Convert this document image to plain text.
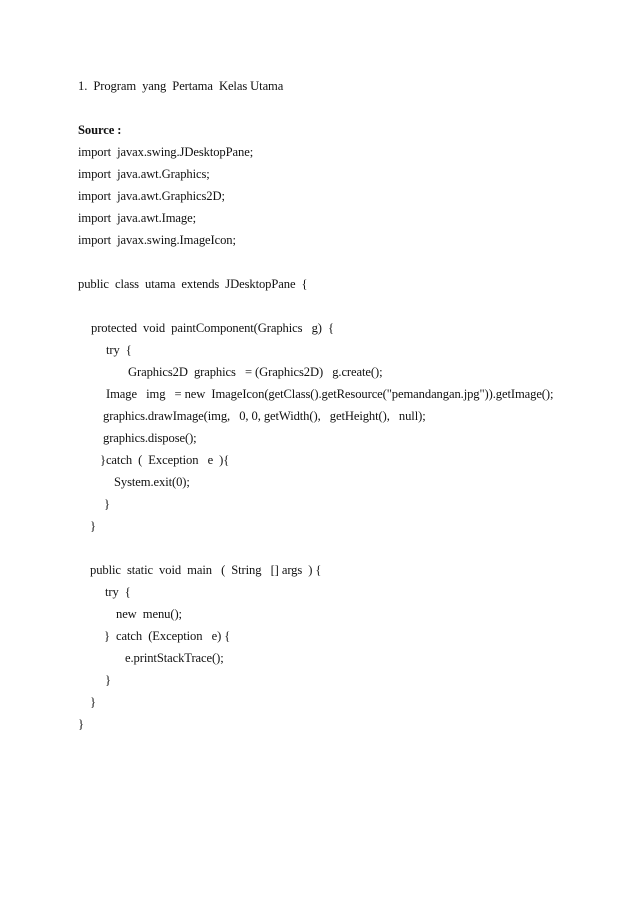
1.  Program  yang  Pertama  Kelas Utama
Source :
import  javax.swing.JDesktopPane;
import  java.awt.Graphics;
import  java.awt.Graphics2D;
import  java.awt.Image;
import  javax.swing.ImageIcon;
public  class  utama  extends  JDesktopPane  {
protected  void  paintComponent(Graphics   g)  {
try  {
Graphics2D  graphics   = (Graphics2D)   g.create();
Image   img   = new  ImageIcon(getClass().getResource("pemandangan.jpg")).getImage();
graphics.drawImage(img,   0, 0, getWidth(),   getHeight(),   null);
graphics.dispose();
}catch  (  Exception   e  ){
System.exit(0);
}
}
public  static  void  main   (  String   [] args  ) {
try  {
new  menu();
}  catch  (Exception   e) {
e.printStackTrace();
}
}
}
